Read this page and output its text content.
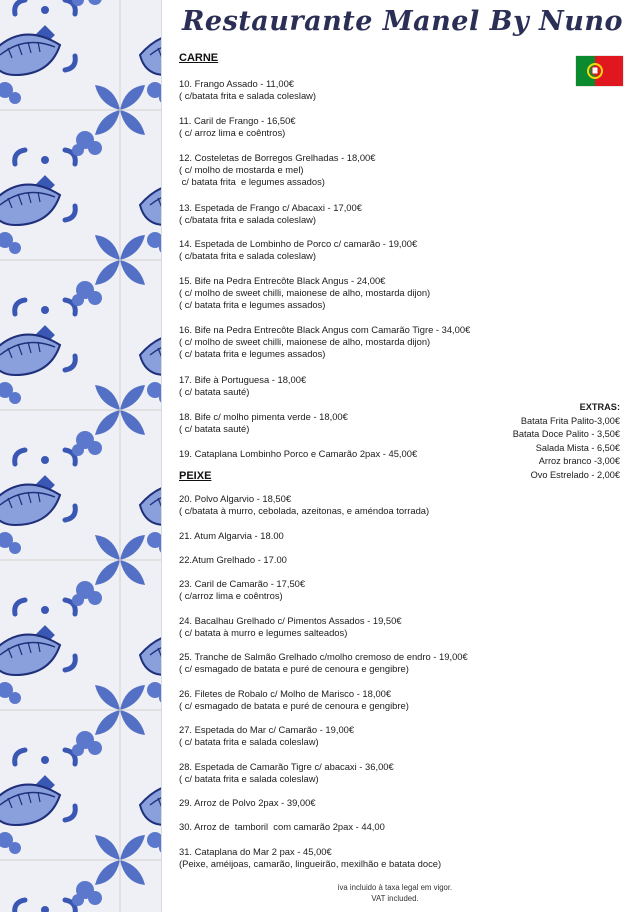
Restaurante Manel By Nuno
CARNE
10. Frango Assado - 11,00€
( c/batata frita e salada coleslaw)
11. Caril de Frango - 16,50€
( c/ arroz lima e coêntros)
12. Costeletas de Borregos Grelhadas - 18,00€
( c/ molho de mostarda e mel)
c/ batata frita  e legumes assados)
13. Espetada de Frango c/ Abacaxi - 17,00€
( c/batata frita e salada coleslaw)
14. Espetada de Lombinho de Porco c/ camarão - 19,00€
( c/batata frita e salada coleslaw)
15. Bife na Pedra Entrecôte Black Angus - 24,00€
( c/ molho de sweet chilli, maionese de alho, mostarda dijon)
( c/ batata frita e legumes assados)
16. Bife na Pedra Entrecôte Black Angus com Camarão Tigre - 34,00€
( c/ molho de sweet chilli, maionese de alho, mostarda dijon)
( c/ batata frita e legumes assados)
17. Bife à Portuguesa - 18,00€
( c/ batata sauté)
18. Bife c/ molho pimenta verde - 18,00€
( c/ batata sauté)
19. Cataplana Lombinho Porco e Camarão 2pax - 45,00€
EXTRAS:
Batata Frita Palito-3,00€
Batata Doce Palito - 3,50€
Salada Mista - 6,50€
Arroz branco -3,00€
Ovo Estrelado - 2,00€
PEIXE
20. Polvo Algarvio - 18,50€
( c/batata à murro, cebolada, azeitonas, e améndoa torrada)
21. Atum Algarvia - 18.00
22.Atum Grelhado - 17.00
23. Caril de Camarão - 17,50€
( c/arroz lima e coêntros)
24. Bacalhau Grelhado c/ Pimentos Assados - 19,50€
( c/ batata à murro e legumes salteados)
25. Tranche de Salmão Grelhado c/molho cremoso de endro - 19,00€
( c/ esmagado de batata e puré de cenoura e gengibre)
26. Filetes de Robalo c/ Molho de Marisco - 18,00€
( c/ esmagado de batata e puré de cenoura e gengibre)
27. Espetada do Mar c/ Camarão - 19,00€
( c/ batata frita e salada coleslaw)
28. Espetada de Camarão Tigre c/ abacaxi - 36,00€
( c/ batata frita e salada coleslaw)
29. Arroz de Polvo 2pax - 39,00€
30. Arroz de  tamboril  com camarão 2pax - 44,00
31. Cataplana do Mar 2 pax - 45,00€
(Peixe, améijoas, camarão, lingueirão, mexilhão e batata doce)
iva incluido à taxa legal em vigor.
VAT included.
